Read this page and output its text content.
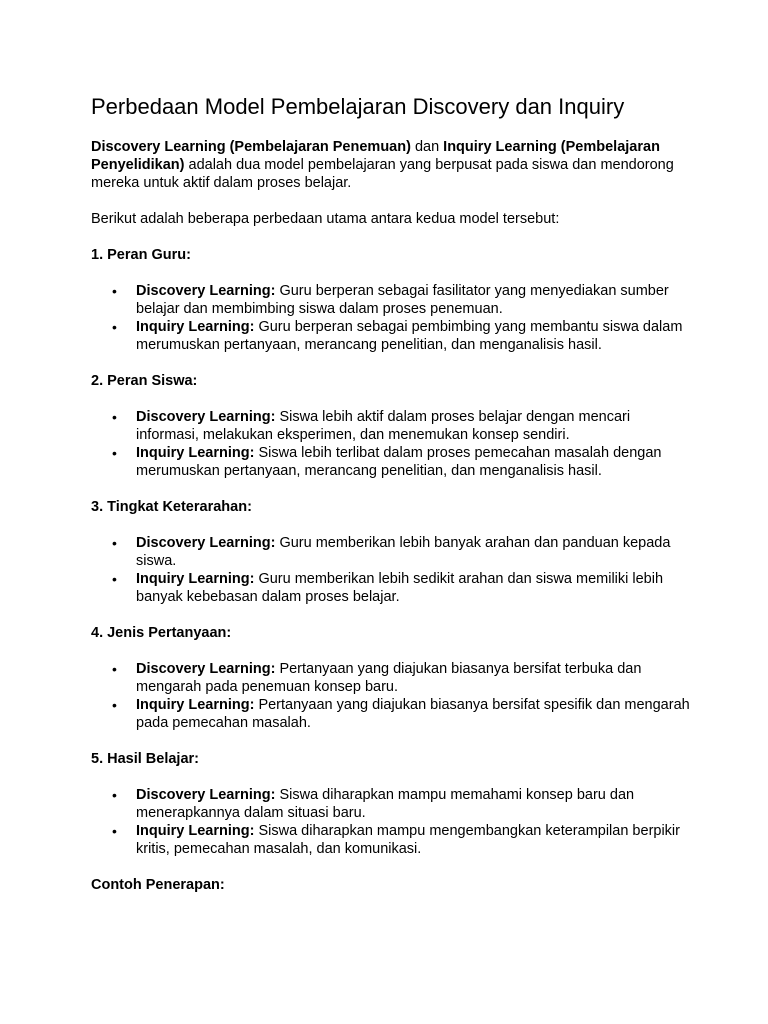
Perbedaan Model Pembelajaran Discovery dan Inquiry

Discovery Learning (Pembelajaran Penemuan) dan Inquiry Learning (Pembelajaran Penyelidikan) adalah dua model pembelajaran yang berpusat pada siswa dan mendorong mereka untuk aktif dalam proses belajar.

Berikut adalah beberapa perbedaan utama antara kedua model tersebut:

1. Peran Guru:

• Discovery Learning: Guru berperan sebagai fasilitator yang menyediakan sumber belajar dan membimbing siswa dalam proses penemuan.
• Inquiry Learning: Guru berperan sebagai pembimbing yang membantu siswa dalam merumuskan pertanyaan, merancang penelitian, dan menganalisis hasil.

2. Peran Siswa:

• Discovery Learning: Siswa lebih aktif dalam proses belajar dengan mencari informasi, melakukan eksperimen, dan menemukan konsep sendiri.
• Inquiry Learning: Siswa lebih terlibat dalam proses pemecahan masalah dengan merumuskan pertanyaan, merancang penelitian, dan menganalisis hasil.

3. Tingkat Keterarahan:

• Discovery Learning: Guru memberikan lebih banyak arahan dan panduan kepada siswa.
• Inquiry Learning: Guru memberikan lebih sedikit arahan dan siswa memiliki lebih banyak kebebasan dalam proses belajar.

4. Jenis Pertanyaan:

• Discovery Learning: Pertanyaan yang diajukan biasanya bersifat terbuka dan mengarah pada penemuan konsep baru.
• Inquiry Learning: Pertanyaan yang diajukan biasanya bersifat spesifik dan mengarah pada pemecahan masalah.

5. Hasil Belajar:

• Discovery Learning: Siswa diharapkan mampu memahami konsep baru dan menerapkannya dalam situasi baru.
• Inquiry Learning: Siswa diharapkan mampu mengembangkan keterampilan berpikir kritis, pemecahan masalah, dan komunikasi.

Contoh Penerapan:
